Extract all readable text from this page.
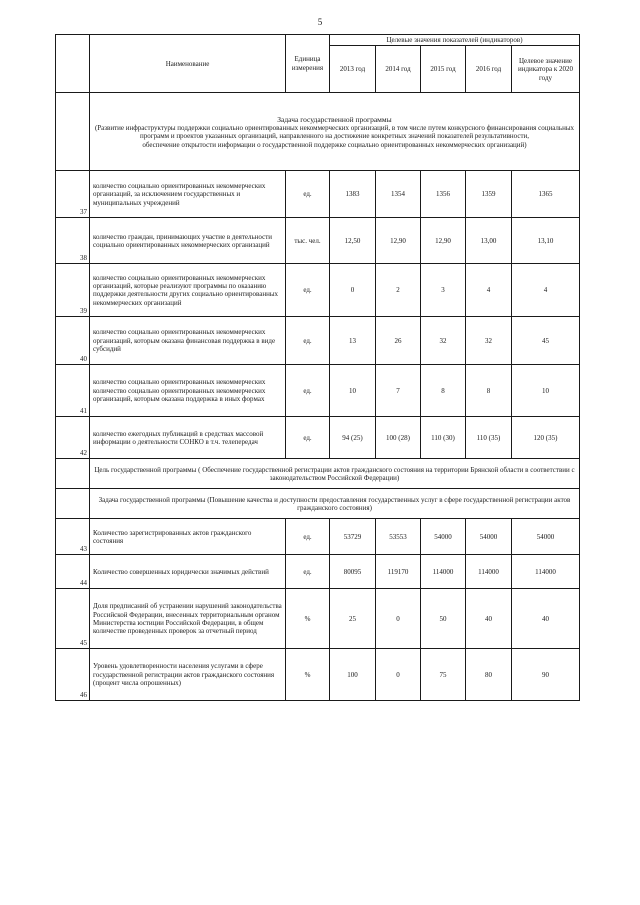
5
	Наименование	Единица измерения	Целевые значения показателей (индикаторов)				
			2013 год	2014 год	2015 год	2016 год	Целевое значение индикатора к 2020 году

	Задача государственной программы
(Развитие инфраструктуры поддержки социально ориентированных некоммерческих организаций, в том числе путем конкурсного финансирования социальных программ и проектов указанных организаций, направленного на достижение конкретных значений показателей результативности,
обеспечение открытости информации о государственной поддержке социально ориентированных некоммерческих организаций)						

37	количество социально ориентированных некоммерческих организаций, за исключением государственных и муниципальных учреждений	ед.	1383	1354	1356	1359	1365
38	количество граждан, принимающих участие в деятельности социально ориентированных некоммерческих организаций	тыс. чел.	12,50	12,90	12,90	13,00	13,10
39	количество социально ориентированных некоммерческих организаций, которые реализуют программы по оказанию поддержки деятельности других социально ориентированных некоммерческих организаций	ед.	0	2	3	4	4
40	количество социально ориентированных некоммерческих организаций, которым оказана финансовая поддержка в виде субсидий	ед.	13	26	32	32	45
41	количество социально ориентированных некоммерческих количество социально ориентированных некоммерческих организаций, которым оказана поддержка в иных формах	ед.	10	7	8	8	10
42	количество ежегодных публикаций в средствах массовой информации о деятельности СОНКО в т.ч. телепередач	ед.	94 (25)	100 (28)	110 (30)	110 (35)	120 (35)
	Цель государственной программы ( Обеспечение государственной регистрации актов гражданского состояния на территории Брянской области в соответствии с законодательством Российской Федерации)						
	Задача государственной программы (Повышение качества и доступности предоставления государственных услуг в сфере государственной регистрации актов гражданского состояния)						
43	Количество зарегистрированных актов гражданского состояния	ед.	53729	53553	54000	54000	54000
44	Количество совершенных юридически значимых действий	ед.	80095	119170	114000	114000	114000
45	Доля предписаний об устранении нарушений законодательства Российской Федерации, внесенных территориальным органом Министерства юстиции Российской Федерации, в общем количестве проведенных проверок за отчетный период	%	25	0	50	40	40
46	Уровень удовлетворенности населения услугами в сфере государственной регистрации актов гражданского состояния (процент числа опрошенных)	%	100	0	75	80	90
